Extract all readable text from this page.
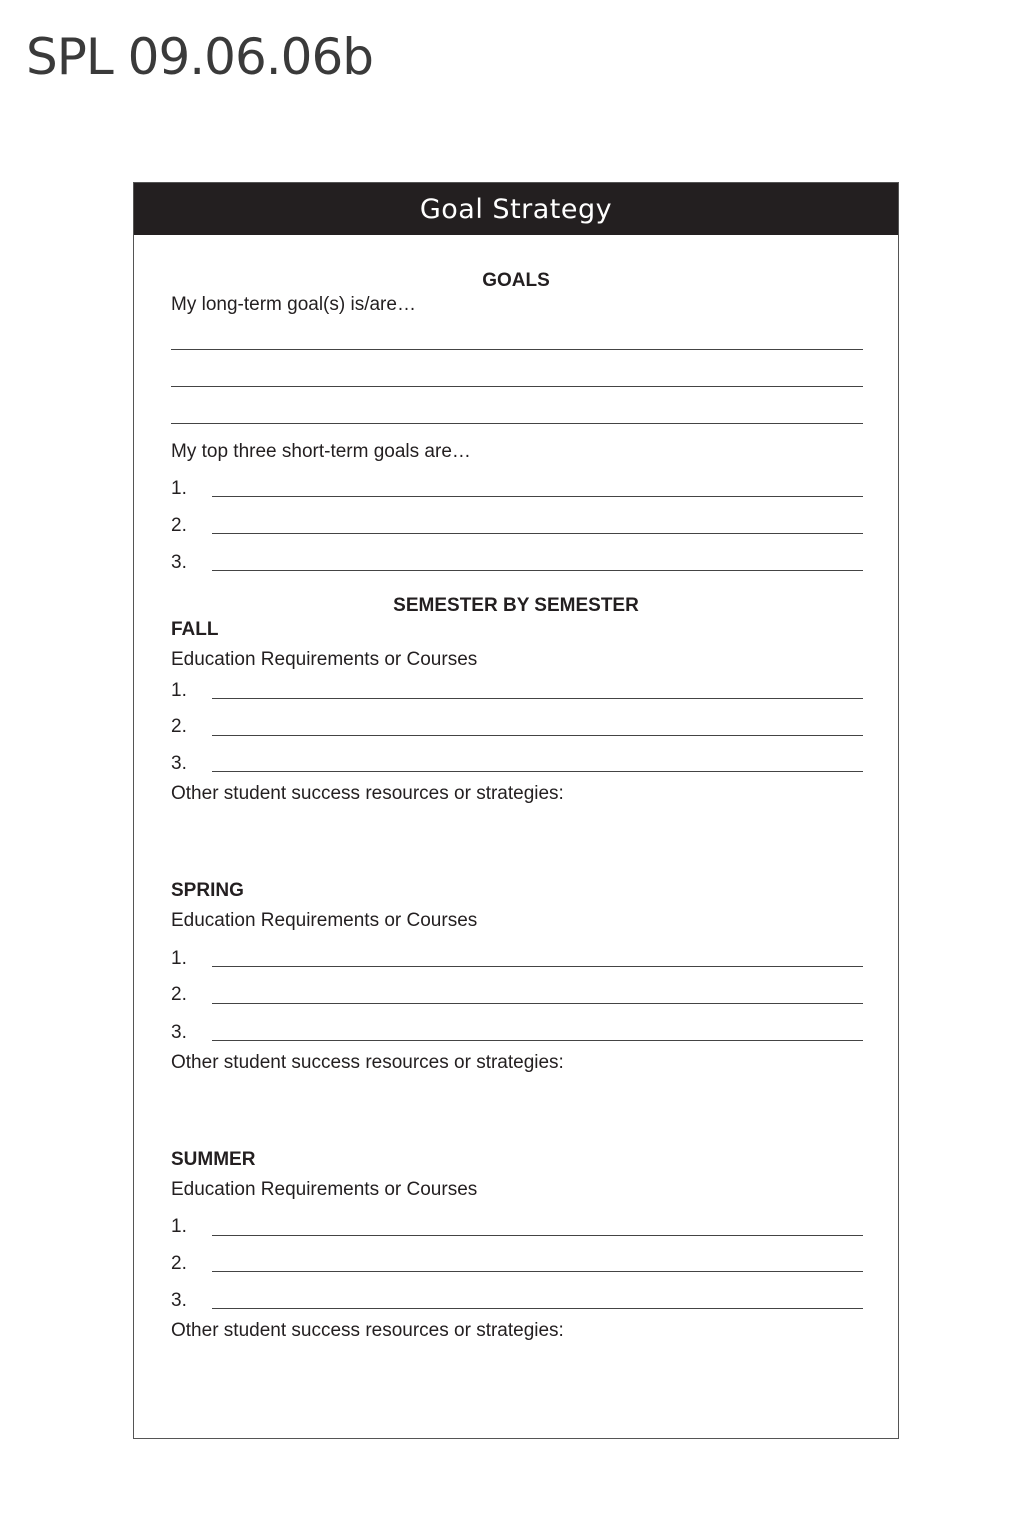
SPL 09.06.06b
Goal Strategy
GOALS
My long-term goal(s) is/are…
My top three short-term goals are…
1.
2.
3.
SEMESTER BY SEMESTER
FALL
Education Requirements or Courses
1.
2.
3.
Other student success resources or strategies:
SPRING
Education Requirements or Courses
1.
2.
3.
Other student success resources or strategies:
SUMMER
Education Requirements or Courses
1.
2.
3.
Other student success resources or strategies:
